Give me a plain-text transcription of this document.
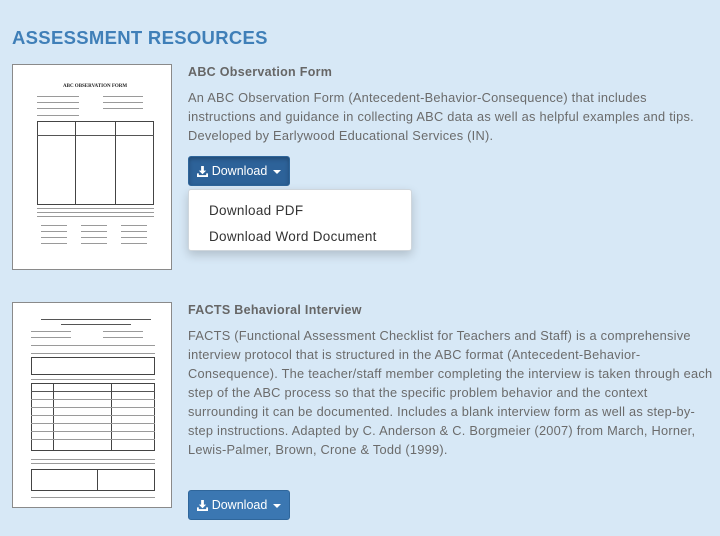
ASSESSMENT RESOURCES
ABC OBSERVATION FORM
ABC Observation Form

An ABC Observation Form (Antecedent-Behavior-Consequence) that includes instructions and guidance in collecting ABC data as well as helpful examples and tips. Developed by Earlywood Educational Services (IN).

Download
Download PDF
Download Word Document
FACTS Behavioral Interview

FACTS (Functional Assessment Checklist for Teachers and Staff) is a comprehensive interview protocol that is structured in the ABC format (Antecedent-Behavior-Consequence). The teacher/staff member completing the interview is taken through each step of the ABC process so that the specific problem behavior and the context surrounding it can be documented. Includes a blank interview form as well as step-by-step instructions. Adapted by C. Anderson & C. Borgmeier (2007) from March, Horner, Lewis-Palmer, Brown, Crone & Todd (1999).

Download
